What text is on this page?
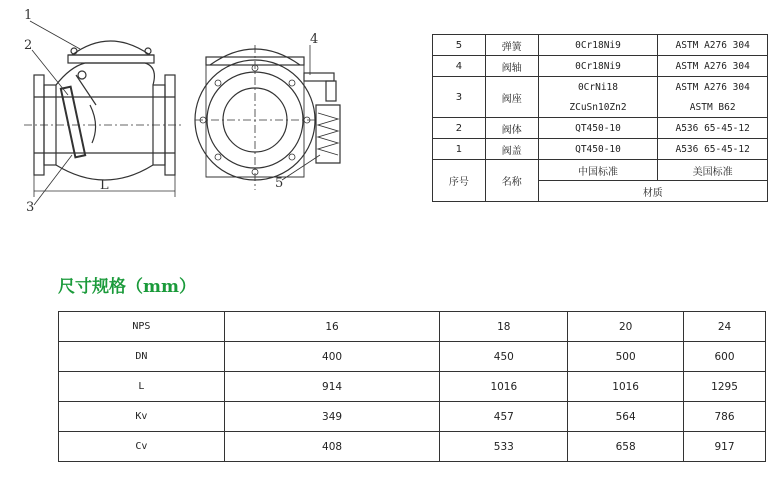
1
2
3
4
5
L
5	弹簧	0Cr18Ni9	ASTM A276 304
4	阀轴	0Cr18Ni9	ASTM A276 304
3	阀座	0CrNi18	ASTM A276 304
		ZCuSn10Zn2	ASTM B62
2	阀体	QT450-10	A536 65-45-12
1	阀盖	QT450-10	A536 65-45-12
序号	名称	中国标准	美国标准
		材质	
尺寸规格（mm）
NPS	16	18	20	24
DN	400	450	500	600
L	914	1016	1016	1295
Kv	349	457	564	786
Cv	408	533	658	917
